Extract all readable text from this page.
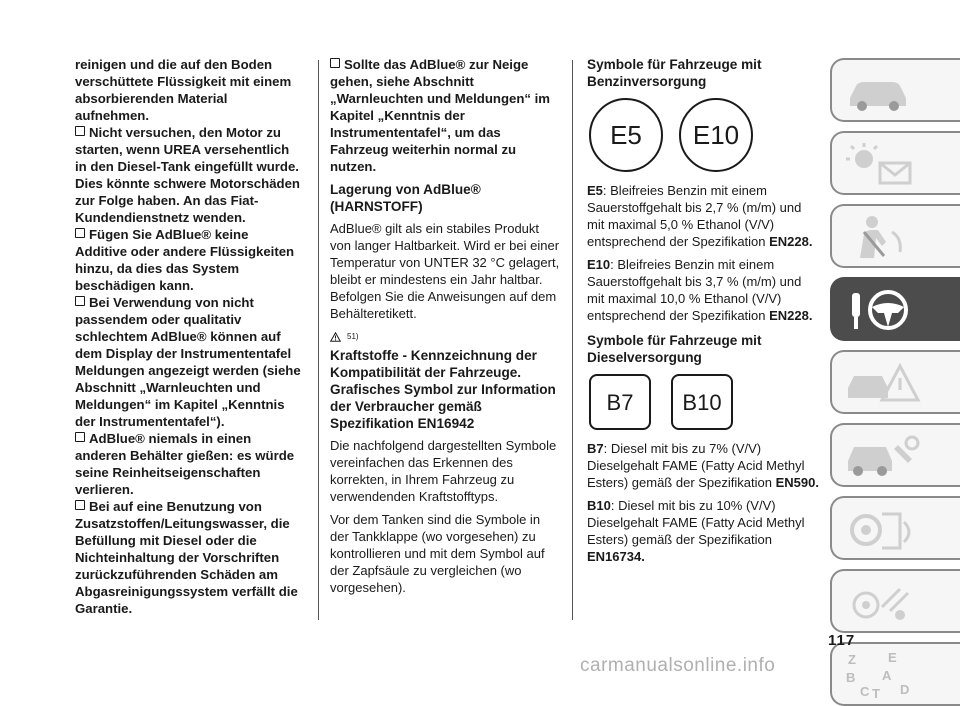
reinigen und die auf den Boden verschüttete Flüssigkeit mit einem absorbierenden Material aufnehmen.
Nicht versuchen, den Motor zu starten, wenn UREA versehentlich in den Diesel-Tank eingefüllt wurde. Dies könnte schwere Motorschäden zur Folge haben. An das Fiat-Kundendienstnetz wenden.
Fügen Sie AdBlue® keine Additive oder andere Flüssigkeiten hinzu, da dies das System beschädigen kann.
Bei Verwendung von nicht passendem oder qualitativ schlechtem AdBlue® können auf dem Display der Instrumententafel Meldungen angezeigt werden (siehe Abschnitt „Warnleuchten und Meldungen“ im Kapitel „Kenntnis der Instrumententafel“).
AdBlue® niemals in einen anderen Behälter gießen: es würde seine Reinheitseigenschaften verlieren.
Bei auf eine Benutzung von Zusatzstoffen/Leitungswasser, die Befüllung mit Diesel oder die Nichteinhaltung der Vorschriften zurückzuführenden Schäden am Abgasreinigungssystem verfällt die Garantie.
Sollte das AdBlue® zur Neige gehen, siehe Abschnitt „Warnleuchten und Meldungen“ im Kapitel „Kenntnis der Instrumententafel“, um das Fahrzeug weiterhin normal zu nutzen.
Lagerung von AdBlue® (HARNSTOFF)

AdBlue® gilt als ein stabiles Produkt von langer Haltbarkeit. Wird er bei einer Temperatur von UNTER 32 °C gelagert, bleibt er mindestens ein Jahr haltbar. Befolgen Sie die Anweisungen auf dem Behälteretikett.

51)
Kraftstoffe - Kennzeichnung der Kompatibilität der Fahrzeuge. Grafisches Symbol zur Information der Verbraucher gemäß Spezifikation EN16942

Die nachfolgend dargestellten Symbole vereinfachen das Erkennen des korrekten, in Ihrem Fahrzeug zu verwendenden Kraftstofftyps.

Vor dem Tanken sind die Symbole in der Tankklappe (wo vorgesehen) zu kontrollieren und mit dem Symbol auf der Zapfsäule zu vergleichen (wo vorgesehen).

Symbole für Fahrzeuge mit Benzinversorgung
E5	E10

E5: Bleifreies Benzin mit einem Sauerstoffgehalt bis 2,7 % (m/m) und mit maximal 5,0 % Ethanol (V/V) entsprechend der Spezifikation EN228.

E10: Bleifreies Benzin mit einem Sauerstoffgehalt bis 3,7 % (m/m) und mit maximal 10,0 % Ethanol (V/V) entsprechend der Spezifikation EN228.

Symbole für Fahrzeuge mit Dieselversorgung
B7	B10

B7: Diesel mit bis zu 7% (V/V) Dieselgehalt FAME (Fatty Acid Methyl Esters) gemäß der Spezifikation EN590.

B10: Diesel mit bis zu 10% (V/V) Dieselgehalt FAME (Fatty Acid Methyl Esters) gemäß der Spezifikation EN16734.

Z E
B A
C T D
117
carmanualsonline.info
